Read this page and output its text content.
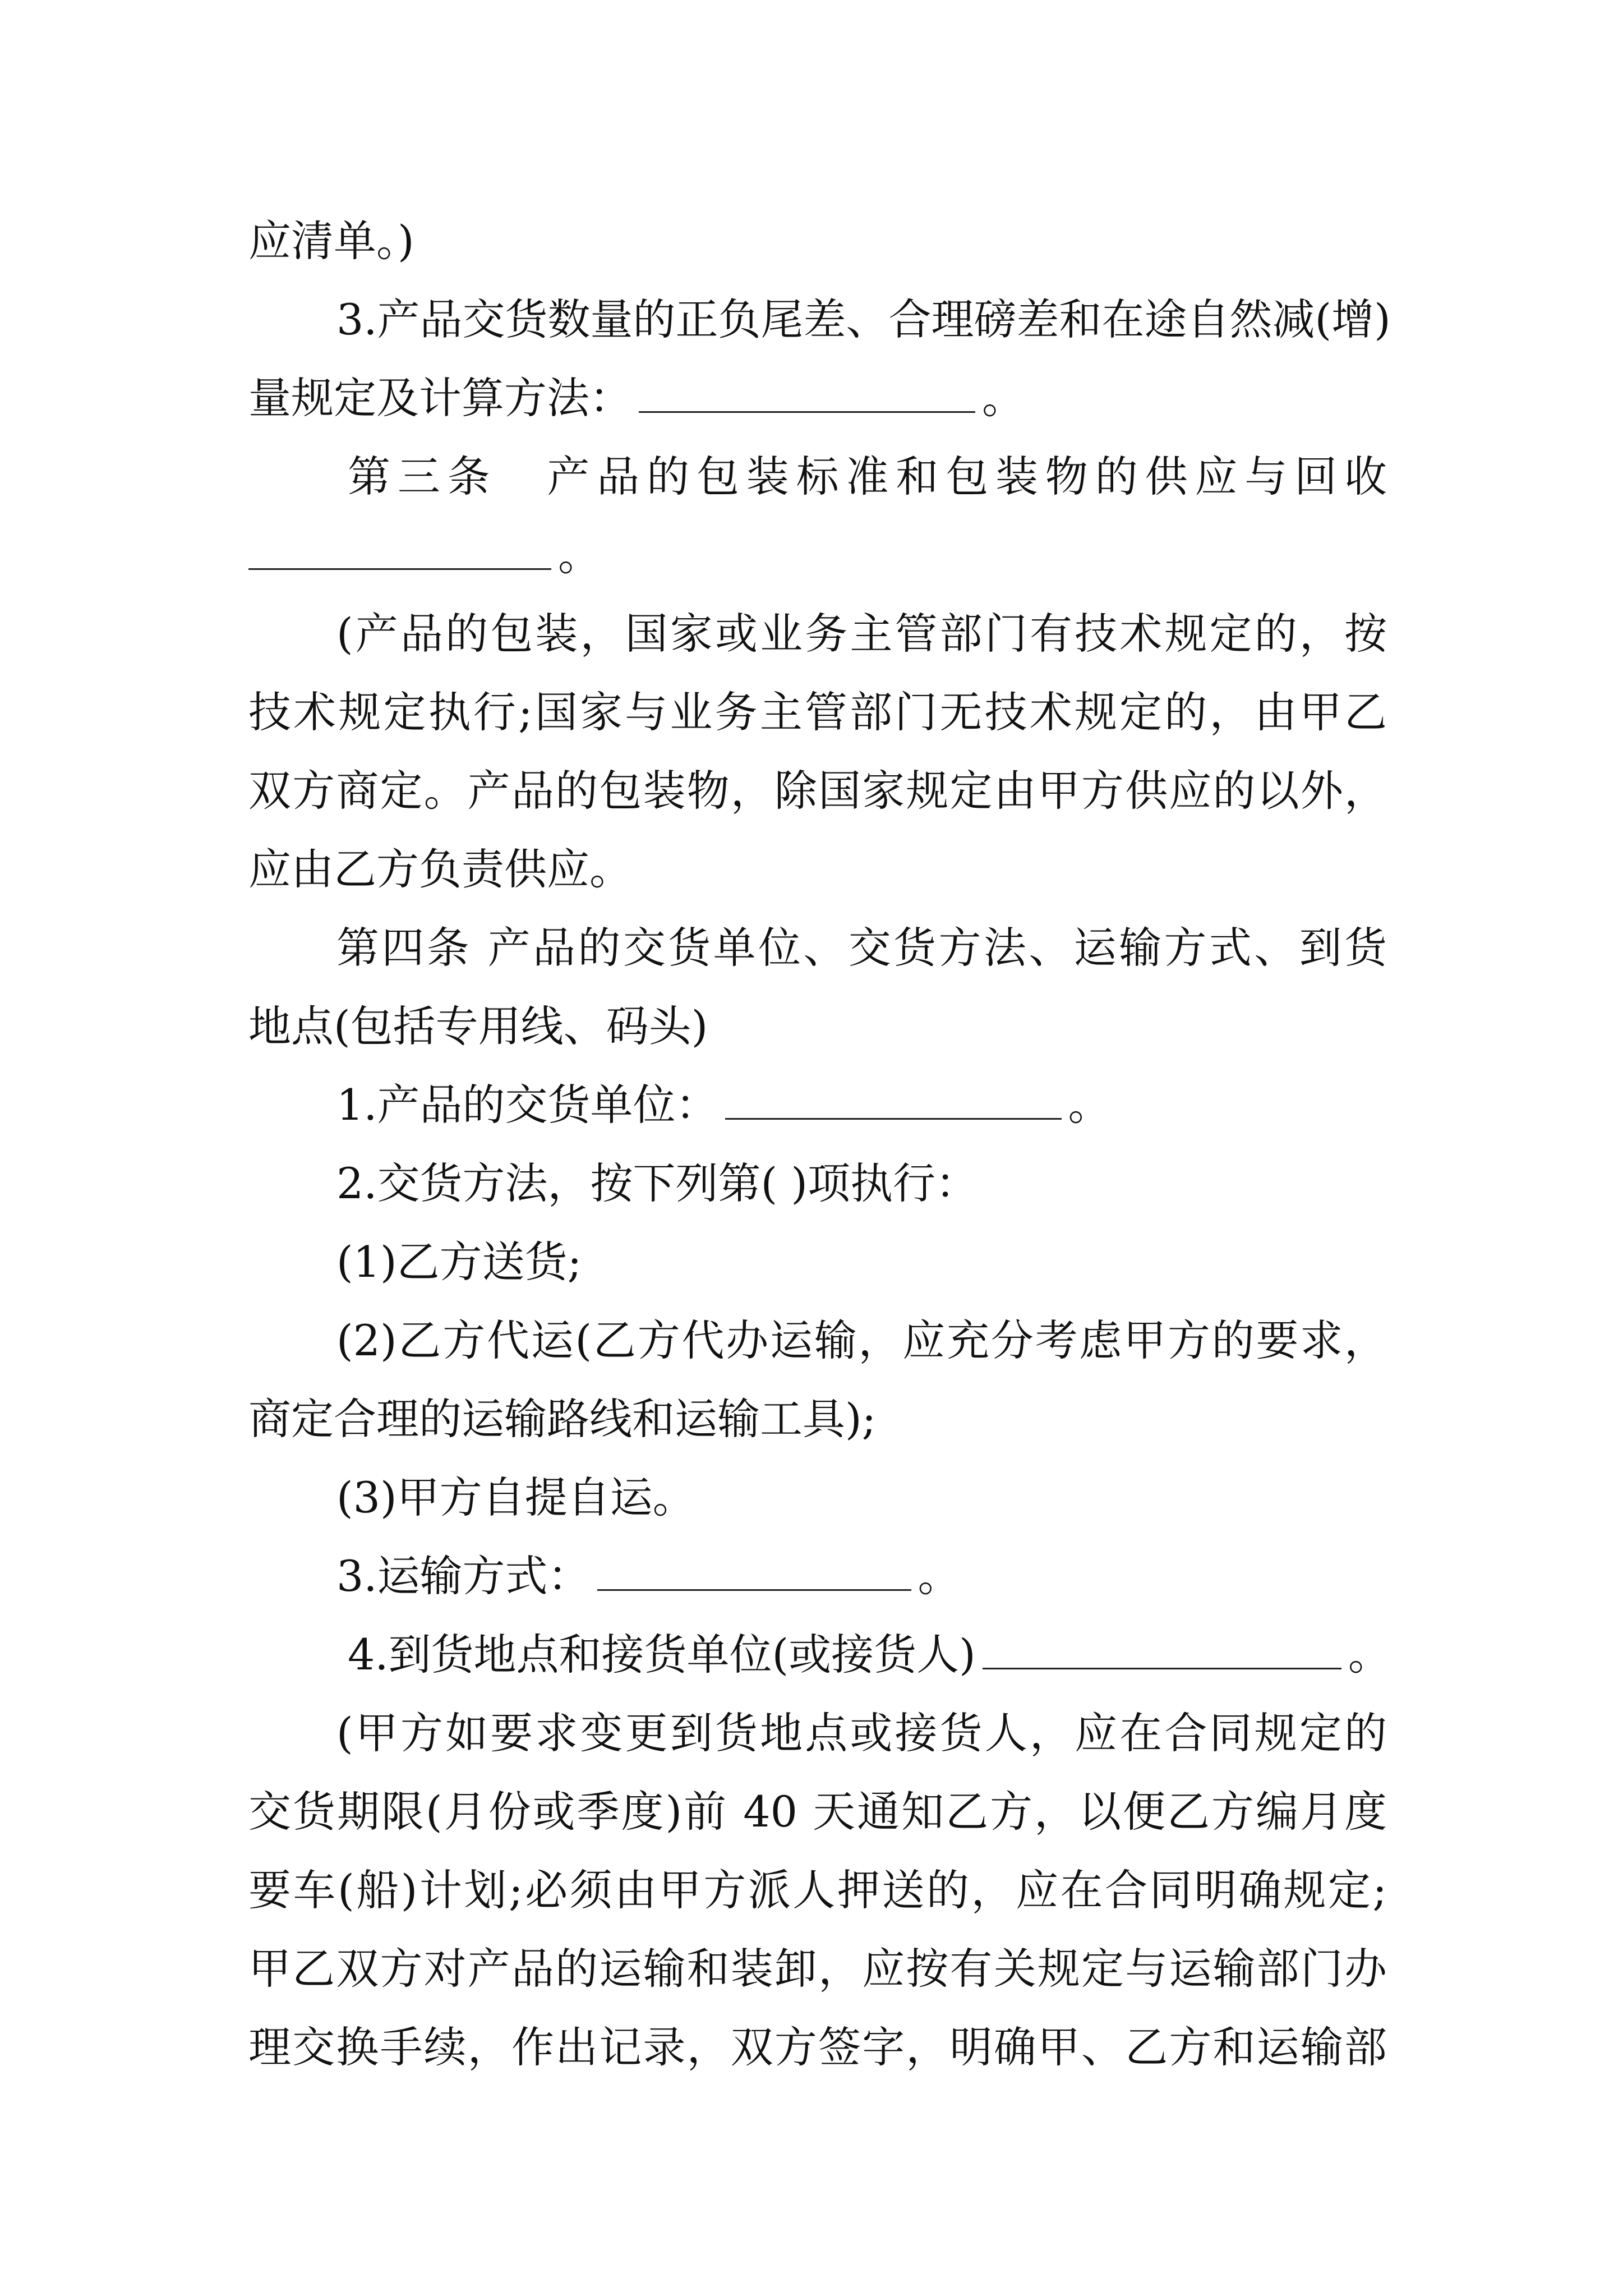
应清单。)
3.产品交货数量的正负尾差、合理磅差和在途自然减(增)
量规定及计算方法：	。
第三条　产品的包装标准和包装物的供应与回收
。
(产品的包装，国家或业务主管部门有技术规定的，按
技术规定执行;国家与业务主管部门无技术规定的，由甲乙
双方商定。产品的包装物，除国家规定由甲方供应的以外，
应由乙方负责供应。
第四条 产品的交货单位、交货方法、运输方式、到货
地点(包括专用线、码头)
1.产品的交货单位：	。
2.交货方法，按下列第( )项执行：
(1)乙方送货;
(2)乙方代运(乙方代办运输，应充分考虑甲方的要求，
商定合理的运输路线和运输工具);
(3)甲方自提自运。
3.运输方式：	。
4.到货地点和接货单位(或接货人)	。
(甲方如要求变更到货地点或接货人，应在合同规定的
交货期限(月份或季度)前 40 天通知乙方，以便乙方编月度
要车(船)计划;必须由甲方派人押送的，应在合同明确规定;
甲乙双方对产品的运输和装卸，应按有关规定与运输部门办
理交换手续，作出记录，双方签字，明确甲、乙方和运输部
